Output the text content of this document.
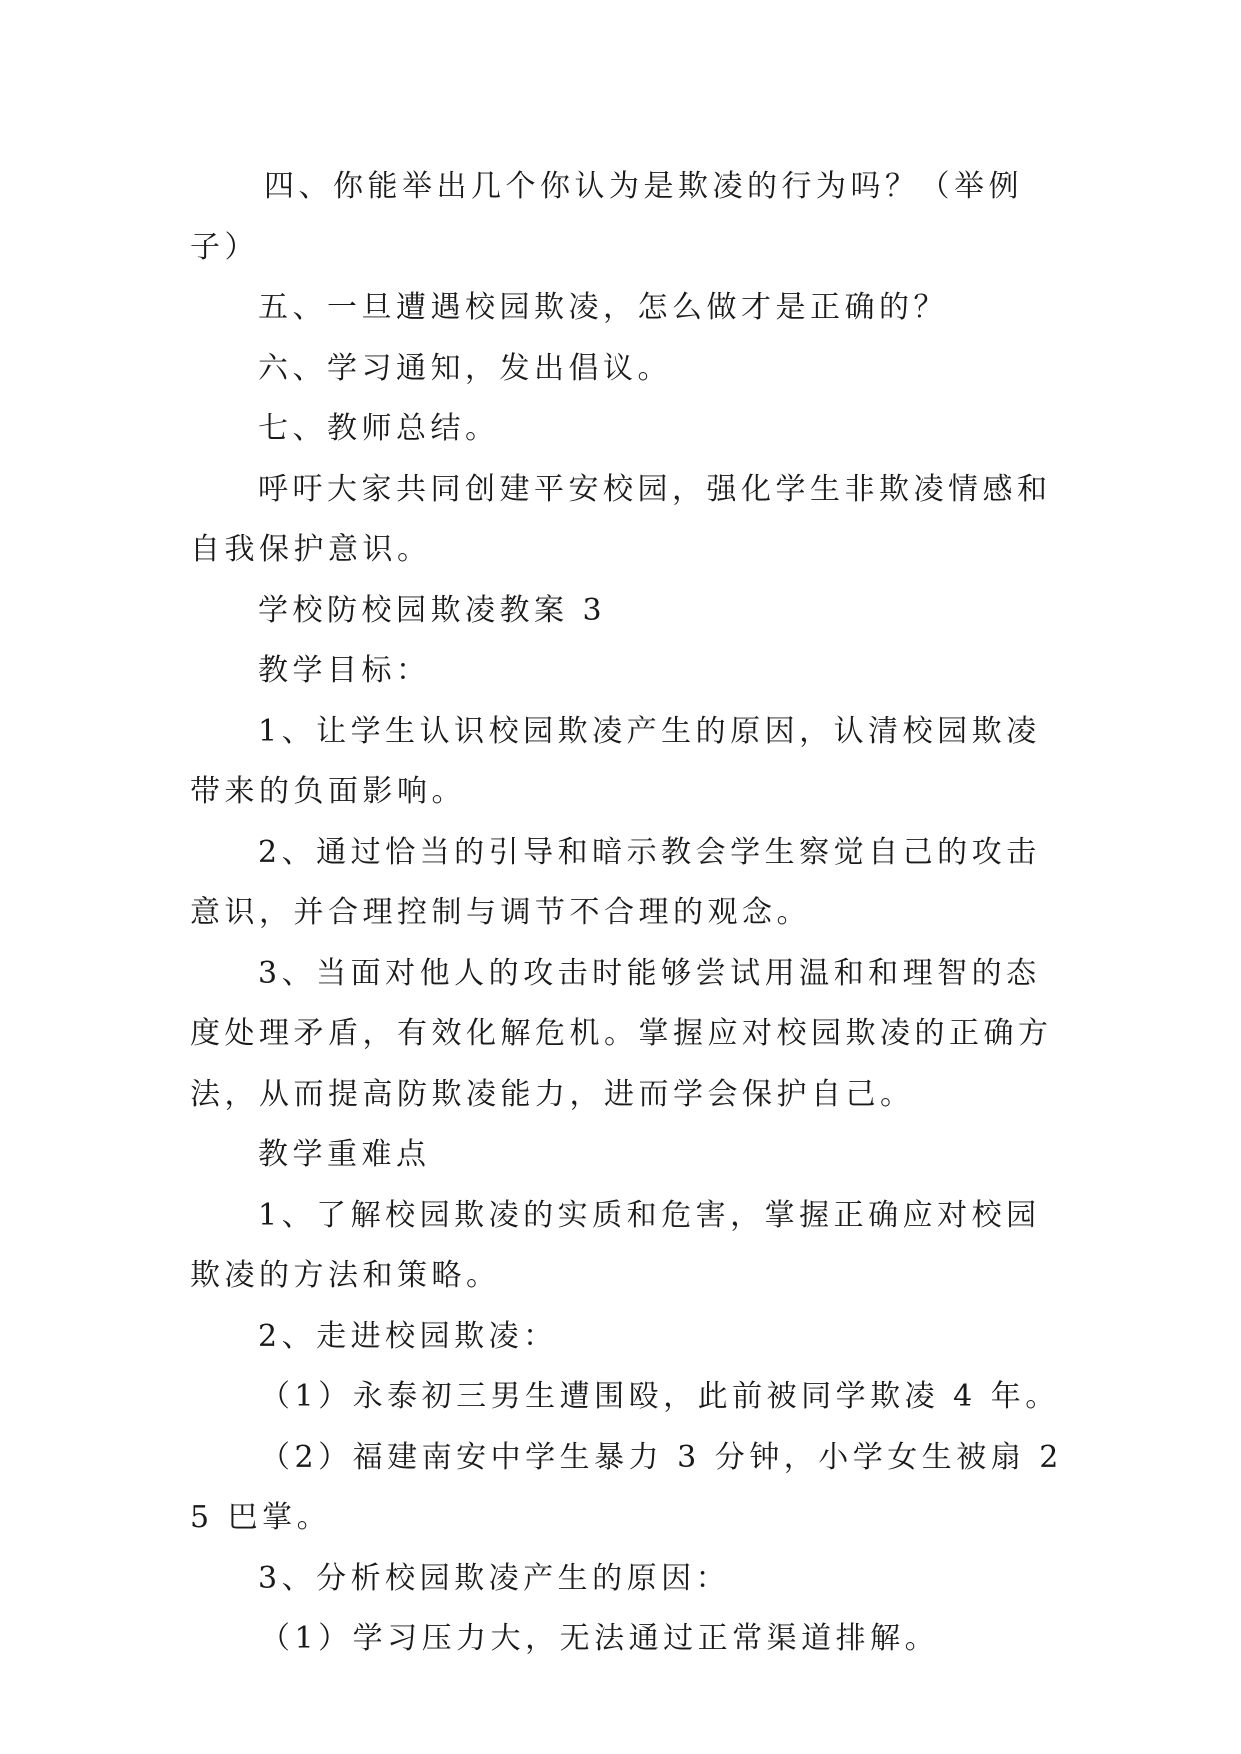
四、你能举出几个你认为是欺凌的行为吗？（举例子）

五、一旦遭遇校园欺凌，怎么做才是正确的？

六、学习通知，发出倡议。

七、教师总结。

呼吁大家共同创建平安校园，强化学生非欺凌情感和自我保护意识。

学校防校园欺凌教案 3

教学目标：

1、让学生认识校园欺凌产生的原因，认清校园欺凌带来的负面影响。

2、通过恰当的引导和暗示教会学生察觉自己的攻击意识，并合理控制与调节不合理的观念。

3、当面对他人的攻击时能够尝试用温和和理智的态度处理矛盾，有效化解危机。掌握应对校园欺凌的正确方法，从而提高防欺凌能力，进而学会保护自己。

教学重难点

1、了解校园欺凌的实质和危害，掌握正确应对校园欺凌的方法和策略。

2、走进校园欺凌：

（1）永泰初三男生遭围殴，此前被同学欺凌 4 年。

（2）福建南安中学生暴力 3 分钟，小学女生被扇 25 巴掌。

3、分析校园欺凌产生的原因：

（1）学习压力大，无法通过正常渠道排解。
